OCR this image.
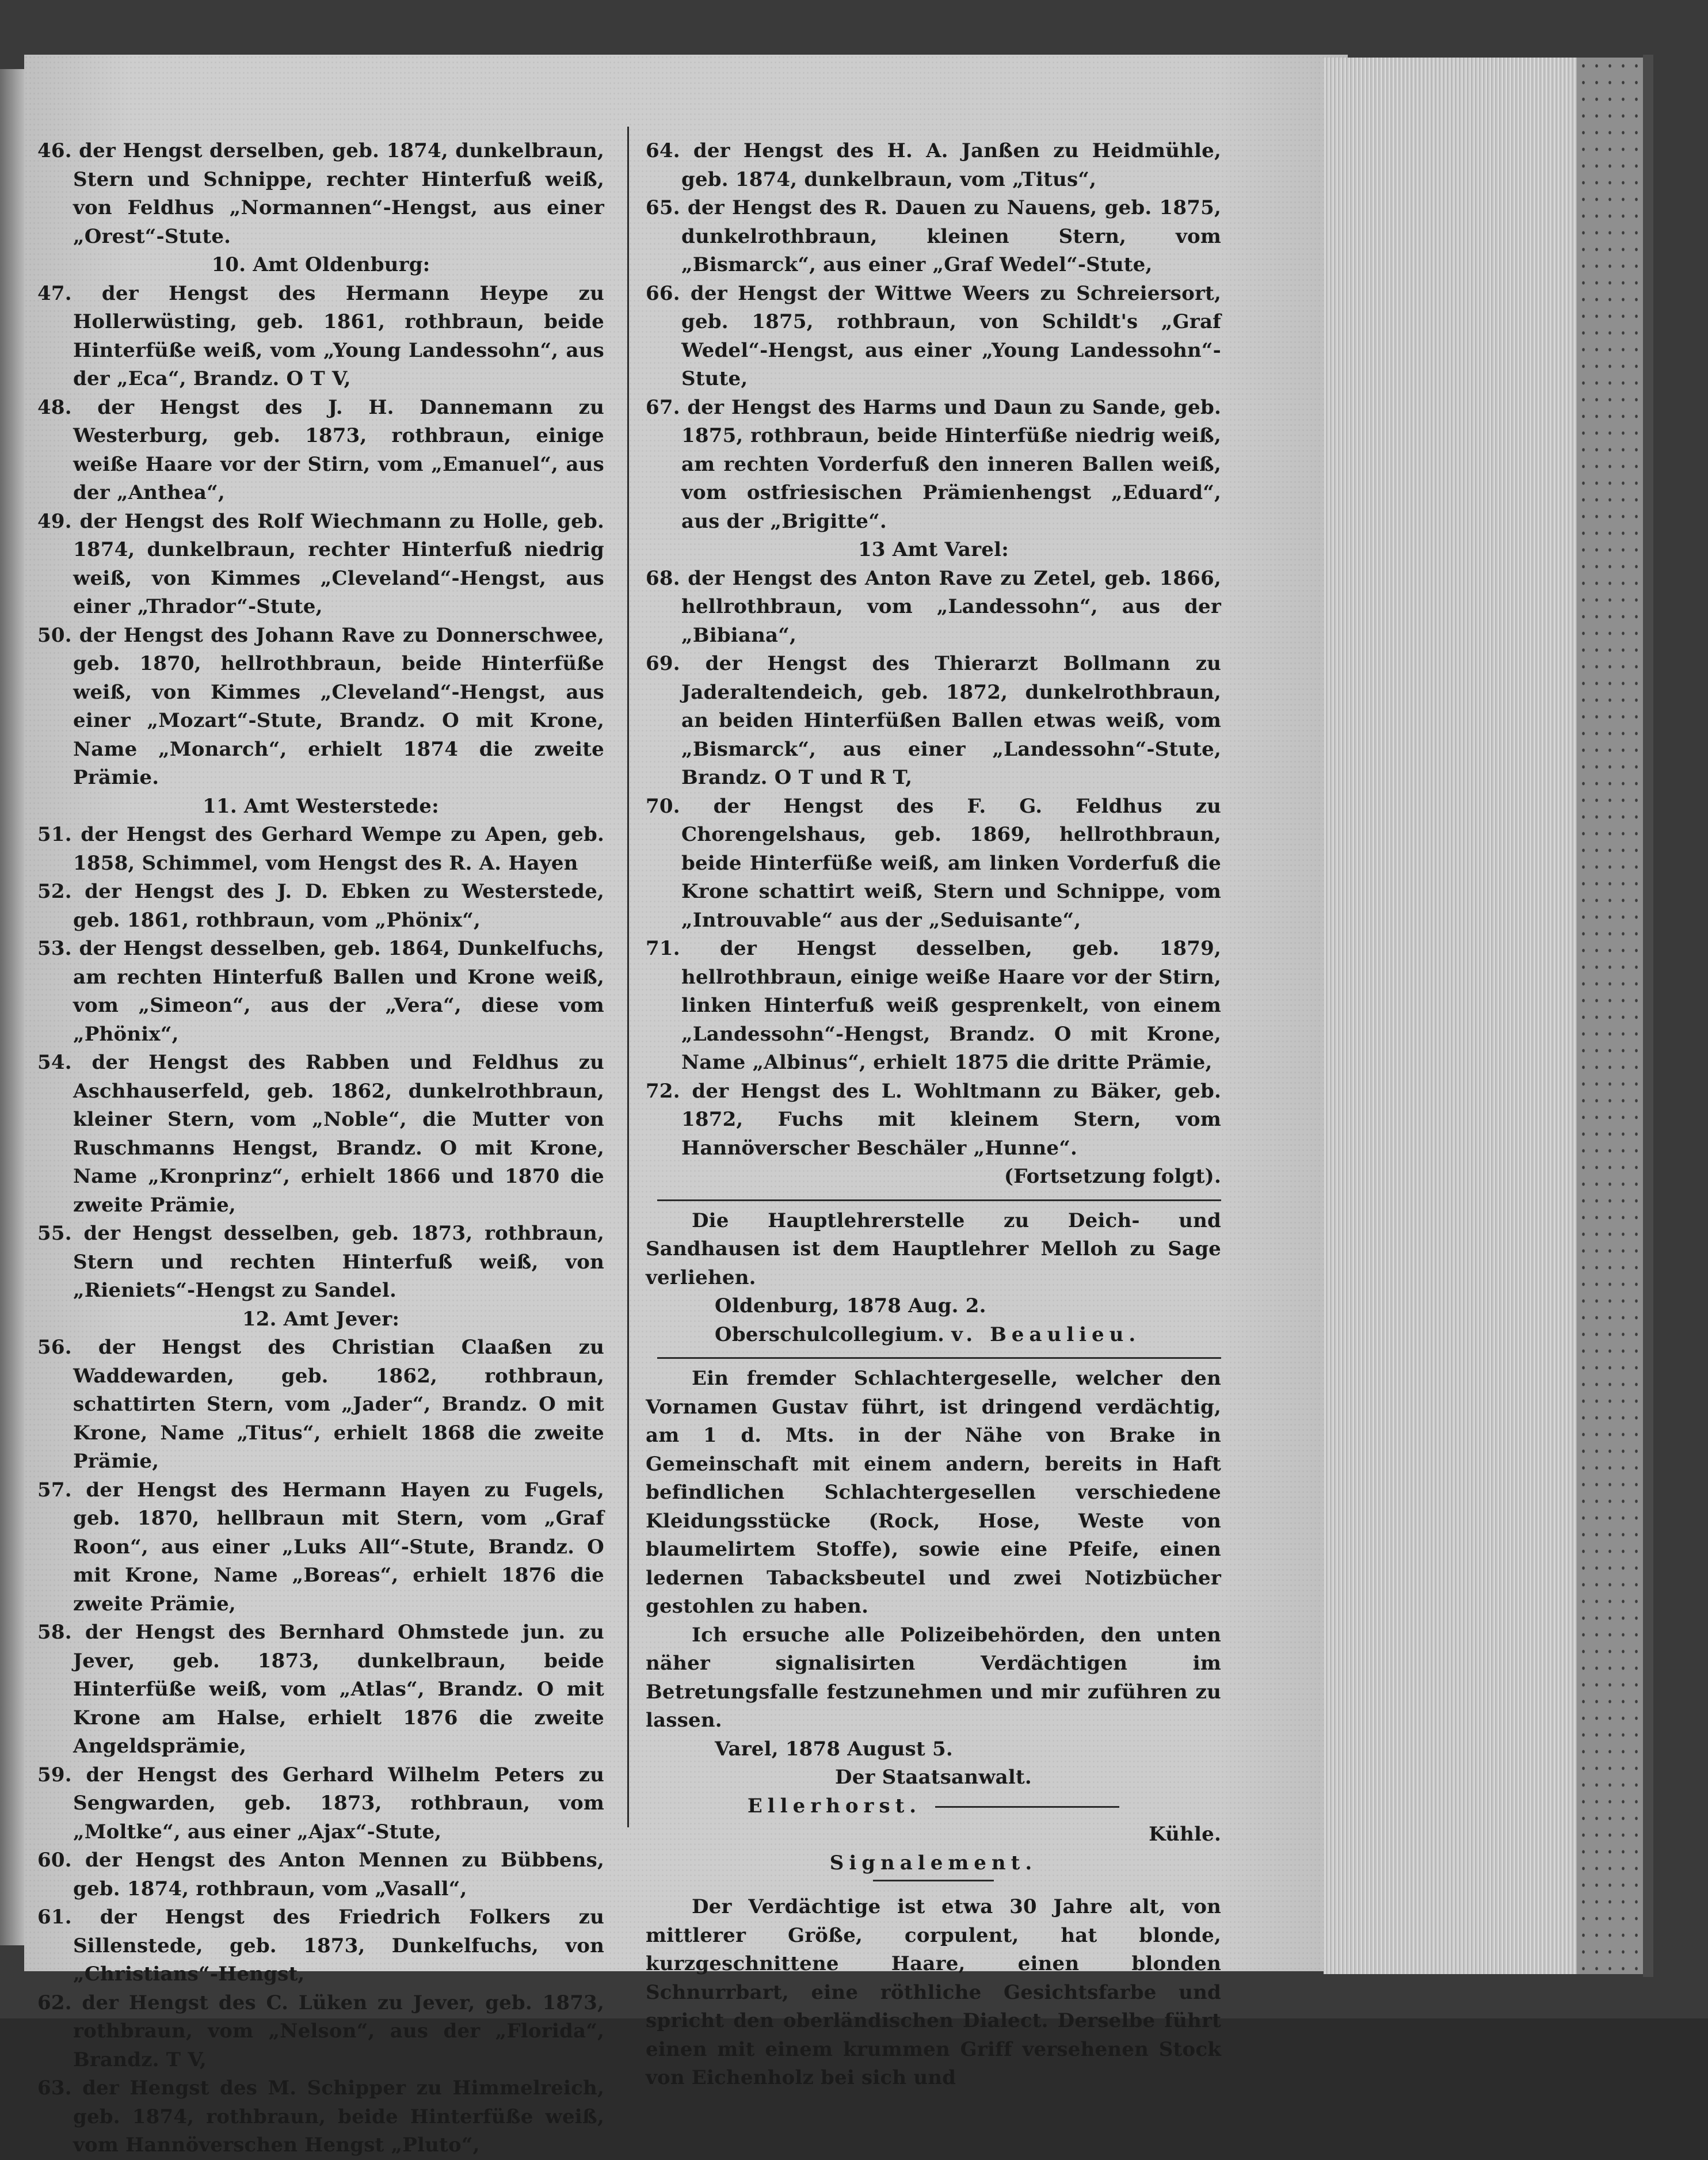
46. der Hengst derselben, geb. 1874, dunkelbraun, Stern und Schnippe, rechter Hinterfuß weiß, von Feldhus „Normannen“-Hengst, aus einer „Orest“-Stute.

10. Amt Oldenburg:

47. der Hengst des Hermann Heype zu Hollerwüsting, geb. 1861, rothbraun, beide Hinterfüße weiß, vom „Young Landessohn“, aus der „Eca“, Brandz. O T V,

48. der Hengst des J. H. Dannemann zu Westerburg, geb. 1873, rothbraun, einige weiße Haare vor der Stirn, vom „Emanuel“, aus der „Anthea“,

49. der Hengst des Rolf Wiechmann zu Holle, geb. 1874, dunkelbraun, rechter Hinterfuß niedrig weiß, von Kimmes „Cleveland“-Hengst, aus einer „Thrador“-Stute,

50. der Hengst des Johann Rave zu Donnerschwee, geb. 1870, hellrothbraun, beide Hinterfüße weiß, von Kimmes „Cleveland“-Hengst, aus einer „Mozart“-Stute, Brandz. O mit Krone, Name „Monarch“, erhielt 1874 die zweite Prämie.

11. Amt Westerstede:

51. der Hengst des Gerhard Wempe zu Apen, geb. 1858, Schimmel, vom Hengst des R. A. Hayen

52. der Hengst des J. D. Ebken zu Westerstede, geb. 1861, rothbraun, vom „Phönix“,

53. der Hengst desselben, geb. 1864, Dunkelfuchs, am rechten Hinterfuß Ballen und Krone weiß, vom „Simeon“, aus der „Vera“, diese vom „Phönix“,

54. der Hengst des Rabben und Feldhus zu Aschhauserfeld, geb. 1862, dunkelrothbraun, kleiner Stern, vom „Noble“, die Mutter von Ruschmanns Hengst, Brandz. O mit Krone, Name „Kronprinz“, erhielt 1866 und 1870 die zweite Prämie,

55. der Hengst desselben, geb. 1873, rothbraun, Stern und rechten Hinterfuß weiß, von „Rieniets“-Hengst zu Sandel.

12. Amt Jever:

56. der Hengst des Christian Claaßen zu Waddewarden, geb. 1862, rothbraun, schattirten Stern, vom „Jader“, Brandz. O mit Krone, Name „Titus“, erhielt 1868 die zweite Prämie,

57. der Hengst des Hermann Hayen zu Fugels, geb. 1870, hellbraun mit Stern, vom „Graf Roon“, aus einer „Luks All“-Stute, Brandz. O mit Krone, Name „Boreas“, erhielt 1876 die zweite Prämie,

58. der Hengst des Bernhard Ohmstede jun. zu Jever, geb. 1873, dunkelbraun, beide Hinterfüße weiß, vom „Atlas“, Brandz. O mit Krone am Halse, erhielt 1876 die zweite Angeldsprämie,

59. der Hengst des Gerhard Wilhelm Peters zu Sengwarden, geb. 1873, rothbraun, vom „Moltke“, aus einer „Ajax“-Stute,

60. der Hengst des Anton Mennen zu Bübbens, geb. 1874, rothbraun, vom „Vasall“,

61. der Hengst des Friedrich Folkers zu Sillenstede, geb. 1873, Dunkelfuchs, von „Christians“-Hengst,

62. der Hengst des C. Lüken zu Jever, geb. 1873, rothbraun, vom „Nelson“, aus der „Florida“, Brandz. T V,

63. der Hengst des M. Schipper zu Himmelreich, geb. 1874, rothbraun, beide Hinterfüße weiß, vom Hannöverschen Hengst „Pluto“,

64. der Hengst des H. A. Janßen zu Heidmühle, geb. 1874, dunkelbraun, vom „Titus“,

65. der Hengst des R. Dauen zu Nauens, geb. 1875, dunkelrothbraun, kleinen Stern, vom „Bismarck“, aus einer „Graf Wedel“-Stute,

66. der Hengst der Wittwe Weers zu Schreiersort, geb. 1875, rothbraun, von Schildt's „Graf Wedel“-Hengst, aus einer „Young Landessohn“-Stute,

67. der Hengst des Harms und Daun zu Sande, geb. 1875, rothbraun, beide Hinterfüße niedrig weiß, am rechten Vorderfuß den inneren Ballen weiß, vom ostfriesischen Prämienhengst „Eduard“, aus der „Brigitte“.

13 Amt Varel:

68. der Hengst des Anton Rave zu Zetel, geb. 1866, hellrothbraun, vom „Landessohn“, aus der „Bibiana“,

69. der Hengst des Thierarzt Bollmann zu Jaderaltendeich, geb. 1872, dunkelrothbraun, an beiden Hinterfüßen Ballen etwas weiß, vom „Bismarck“, aus einer „Landessohn“-Stute, Brandz. O T und R T,

70. der Hengst des F. G. Feldhus zu Chorengelshaus, geb. 1869, hellrothbraun, beide Hinterfüße weiß, am linken Vorderfuß die Krone schattirt weiß, Stern und Schnippe, vom „Introuvable“ aus der „Seduisante“,

71. der Hengst desselben, geb. 1879, hellrothbraun, einige weiße Haare vor der Stirn, linken Hinterfuß weiß gesprenkelt, von einem „Landessohn“-Hengst, Brandz. O mit Krone, Name „Albinus“, erhielt 1875 die dritte Prämie,

72. der Hengst des L. Wohltmann zu Bäker, geb. 1872, Fuchs mit kleinem Stern, vom Hannöverscher Beschäler „Hunne“.

(Fortsetzung folgt).

Die Hauptlehrerstelle zu Deich- und Sandhausen ist dem Hauptlehrer Melloh zu Sage verliehen.

Oldenburg, 1878 Aug. 2.

Oberschulcollegium. v. Beaulieu.

Ein fremder Schlachtergeselle, welcher den Vornamen Gustav führt, ist dringend verdächtig, am 1 d. Mts. in der Nähe von Brake in Gemeinschaft mit einem andern, bereits in Haft befindlichen Schlachtergesellen verschiedene Kleidungsstücke (Rock, Hose, Weste von blaumelirtem Stoffe), sowie eine Pfeife, einen ledernen Tabacksbeutel und zwei Notizbücher gestohlen zu haben.

Ich ersuche alle Polizeibehörden, den unten näher signalisirten Verdächtigen im Betretungsfalle festzunehmen und mir zuführen zu lassen.

Varel, 1878 August 5.

Der Staatsanwalt.

Ellerhorst.

Kühle.

Signalement.

Der Verdächtige ist etwa 30 Jahre alt, von mittlerer Größe, corpulent, hat blonde, kurzgeschnittene Haare, einen blonden Schnurrbart, eine röthliche Gesichtsfarbe und spricht den oberländischen Dialect. Derselbe führt einen mit einem krummen Griff versehenen Stock von Eichenholz bei sich und
